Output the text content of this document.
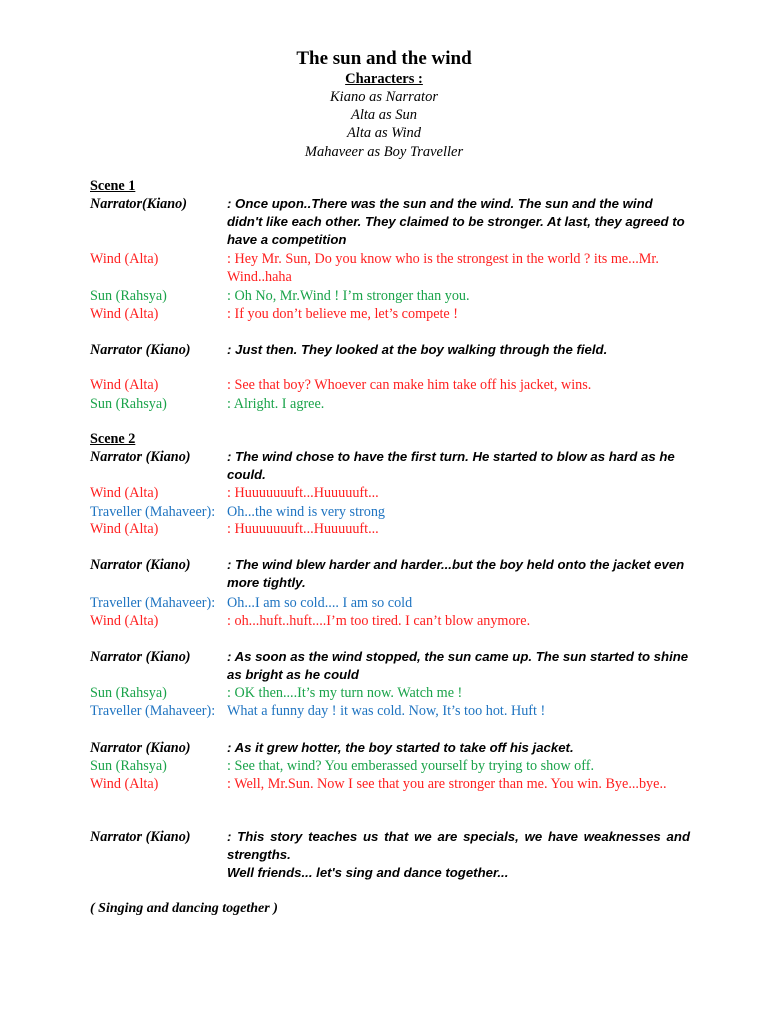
The sun and the wind
Characters :
Kiano as Narrator
Alta as Sun
Alta as Wind
Mahaveer as Boy Traveller
Scene 1
Narrator(Kiano)	: Once upon..There was the sun and the wind. The sun and the wind didn't like each other. They claimed to be stronger. At last, they agreed to have a competition
Wind (Alta)	: Hey Mr. Sun, Do you know who is the strongest in the world ? its me...Mr. Wind..haha
Sun (Rahsya)	: Oh No, Mr.Wind ! I’m stronger than you.
Wind (Alta)	: If you don’t believe me, let’s compete !
Narrator (Kiano)	: Just then. They looked at the boy walking through the field.
Wind (Alta)	: See that boy? Whoever can make him take off his jacket, wins.
Sun (Rahsya)	: Alright. I agree.
Scene 2
Narrator (Kiano)	: The wind chose to have the first turn. He started to blow as hard as he could.
Wind (Alta)	: Huuuuuuuft...Huuuuuft...
Traveller (Mahaveer): Oh...the wind is very strong
Wind (Alta)	: Huuuuuuuft...Huuuuuft...
Narrator (Kiano)	: The wind blew harder and harder...but the boy held onto the jacket even more tightly.
Traveller (Mahaveer): Oh...I am so cold.... I am so cold
Wind (Alta)	: oh...huft..huft....I’m too tired. I can’t blow anymore.
Narrator (Kiano)	: As soon as the wind stopped, the sun came up. The sun started to shine as bright as he could
Sun (Rahsya)	: OK then....It’s my turn now. Watch me !
Traveller (Mahaveer): What a funny day ! it was cold. Now, It’s too hot. Huft !
Narrator (Kiano)	: As it grew hotter, the boy started to take off his jacket.
Sun (Rahsya)	: See that, wind? You emberassed yourself by trying to show off.
Wind (Alta)	: Well, Mr.Sun. Now I see that you are stronger than me. You win. Bye...bye..
Narrator (Kiano)	: This story teaches us that we are specials, we have weaknesses and strengths.
Well friends... let's sing and dance together...
( Singing and dancing together )
